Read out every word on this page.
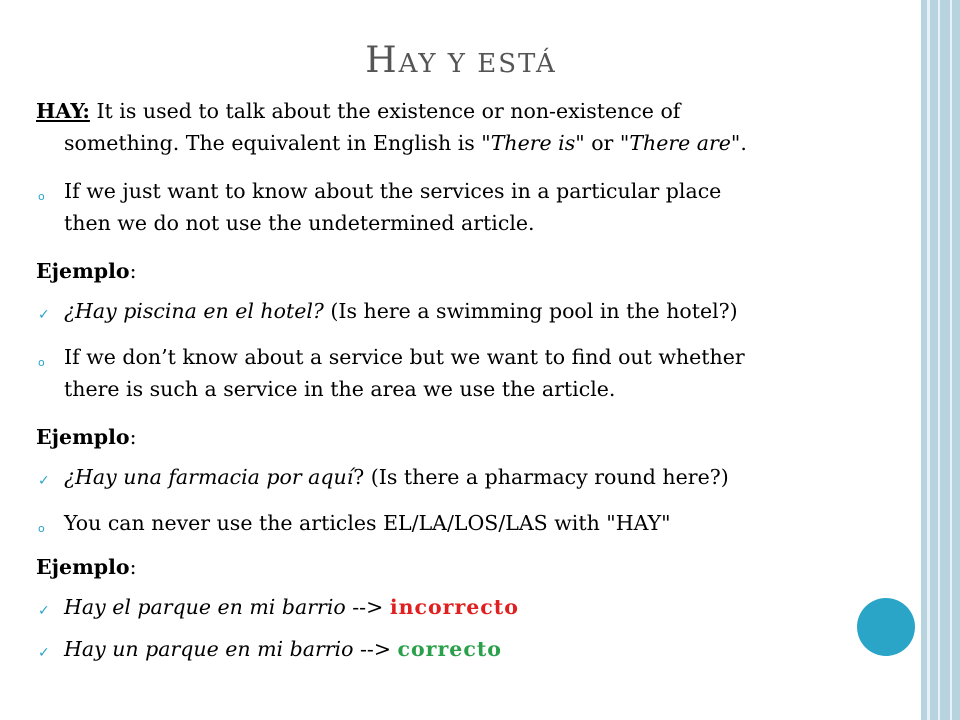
HAY Y ESTÁ
HAY: It is used to talk about the existence or non-existence of
something. The equivalent in English is "There is" or "There are".
o If we just want to know about the services in a particular place
then we do not use the undetermined article.
Ejemplo:
✓ ¿Hay piscina en el hotel? (Is here a swimming pool in the hotel?)
o If we don’t know about a service but we want to find out whether
there is such a service in the area we use the article.
Ejemplo:
✓ ¿Hay una farmacia por aquí? (Is there a pharmacy round here?)
o You can never use the articles EL/LA/LOS/LAS with "HAY"
Ejemplo:
✓ Hay el parque en mi barrio --> incorrecto
✓ Hay un parque en mi barrio --> correcto
